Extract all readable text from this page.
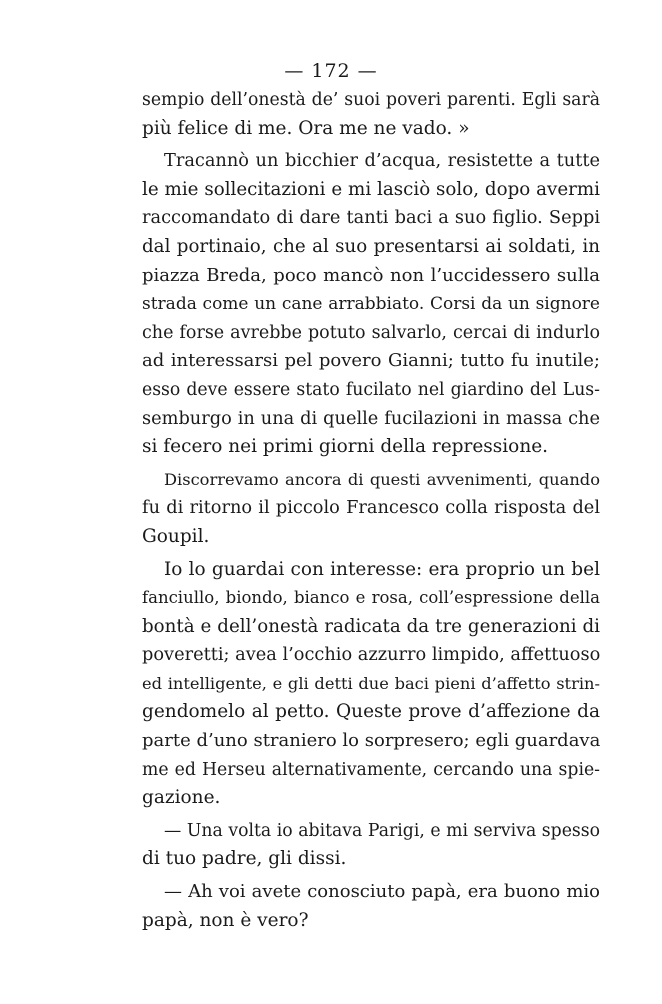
— 172 —
sempio dell’onestà de’ suoi poveri parenti. Egli sarà
più felice di me. Ora me ne vado. »
Tracannò un bicchier d’acqua, resistette a tutte
le mie sollecitazioni e mi lasciò solo, dopo avermi
raccomandato di dare tanti baci a suo figlio. Seppi
dal portinaio, che al suo presentarsi ai soldati, in
piazza Breda, poco mancò non l’uccidessero sulla
strada come un cane arrabbiato. Corsi da un signore
che forse avrebbe potuto salvarlo, cercai di indurlo
ad interessarsi pel povero Gianni; tutto fu inutile;
esso deve essere stato fucilato nel giardino del Lus-
semburgo in una di quelle fucilazioni in massa che
si fecero nei primi giorni della repressione.
Discorrevamo ancora di questi avvenimenti, quando
fu di ritorno il piccolo Francesco colla risposta del
Goupil.
Io lo guardai con interesse: era proprio un bel
fanciullo, biondo, bianco e rosa, coll’espressione della
bontà e dell’onestà radicata da tre generazioni di
poveretti; avea l’occhio azzurro limpido, affettuoso
ed intelligente, e gli detti due baci pieni d’affetto strin-
gendomelo al petto. Queste prove d’affezione da
parte d’uno straniero lo sorpresero; egli guardava
me ed Herseu alternativamente, cercando una spie-
gazione.
— Una volta io abitava Parigi, e mi serviva spesso
di tuo padre, gli dissi.
— Ah voi avete conosciuto papà, era buono mio
papà, non è vero?
